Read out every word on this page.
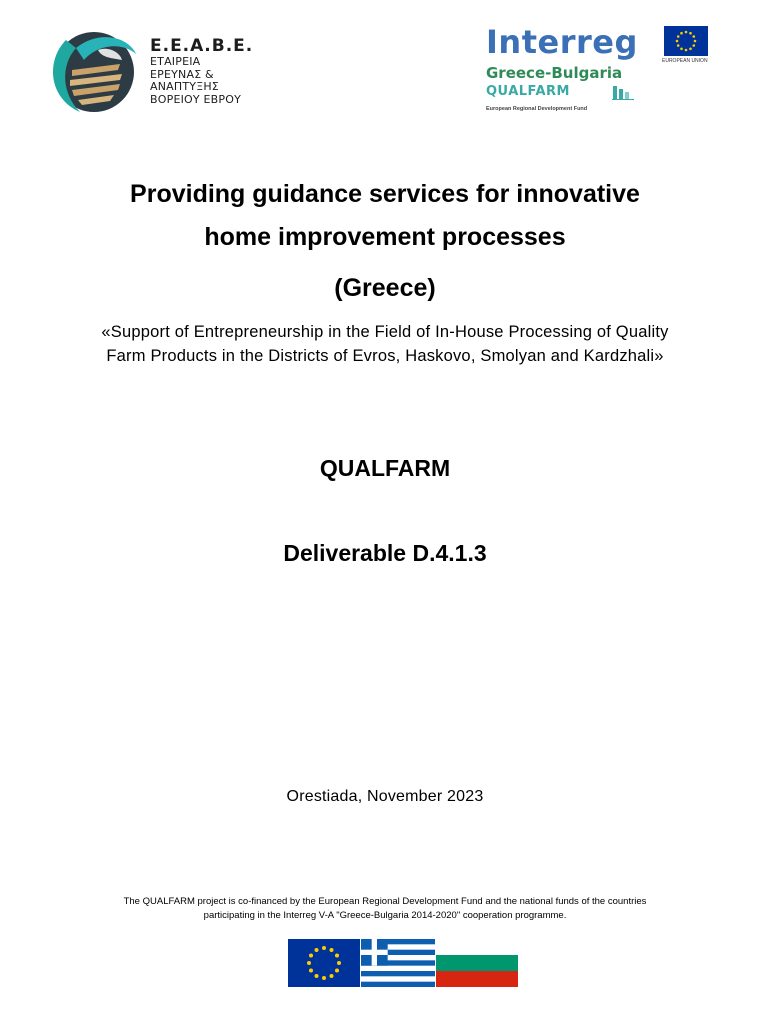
Ε.Ε.Α.Β.Ε.
ΕΤΑΙΡΕΙΑ
ΕΡΕΥΝΑΣ &
ΑΝΑΠΤΥΞΗΣ
ΒΟΡΕΙΟΥ ΕΒΡΟΥ
Interreg	EUROPEAN UNION
Greece-Bulgaria
QUALFARM
European Regional Development Fund
Providing guidance services for innovative
home improvement processes
(Greece)
«Support of Entrepreneurship in the Field of In-House Processing of Quality Farm Products in the Districts of Evros, Haskovo, Smolyan and Kardzhali»
QUALFARM
Deliverable D.4.1.3
Orestiada, November 2023
The QUALFARM project is co-financed by the European Regional Development Fund and the national funds of the countries participating in the Interreg V-A "Greece-Bulgaria 2014-2020" cooperation programme.
